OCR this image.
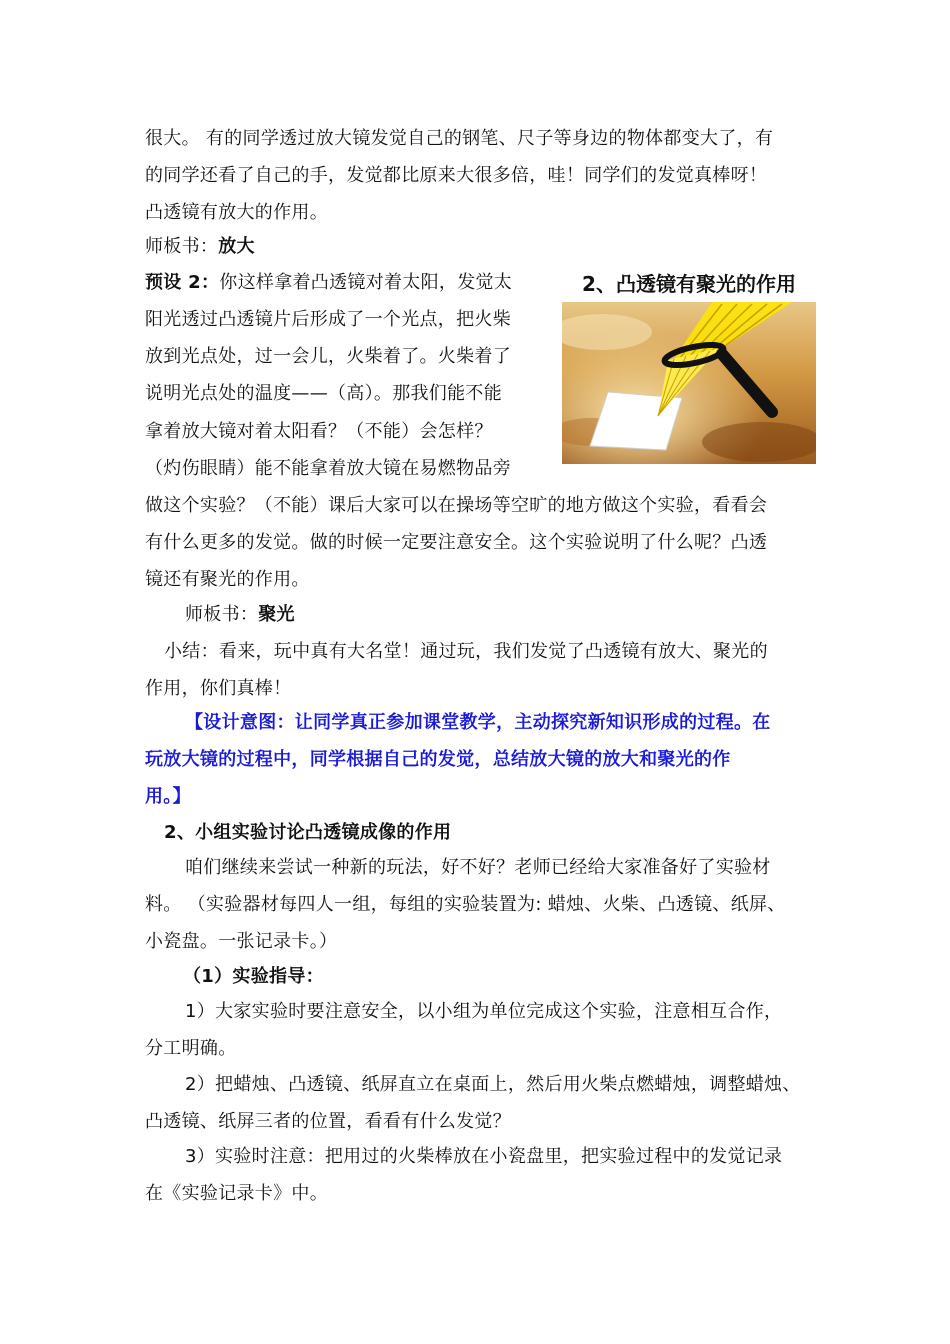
很大。 有的同学透过放大镜发觉自己的钢笔、尺子等身边的物体都变大了，有
的同学还看了自己的手，发觉都比原来大很多倍，哇！同学们的发觉真棒呀！
凸透镜有放大的作用。
师板书：放大
预设 2：你这样拿着凸透镜对着太阳，发觉太
阳光透过凸透镜片后形成了一个光点，把火柴
放到光点处，过一会儿，火柴着了。火柴着了
说明光点处的温度——（高）。那我们能不能
拿着放大镜对着太阳看？（不能）会怎样？
（灼伤眼睛）能不能拿着放大镜在易燃物品旁
做这个实验？（不能）课后大家可以在操场等空旷的地方做这个实验，看看会
有什么更多的发觉。做的时候一定要注意安全。这个实验说明了什么呢？凸透
镜还有聚光的作用。
2、凸透镜有聚光的作用
师板书：聚光
小结：看来，玩中真有大名堂！通过玩，我们发觉了凸透镜有放大、聚光的
作用，你们真棒！
【设计意图：让同学真正参加课堂教学，主动探究新知识形成的过程。在
玩放大镜的过程中，同学根据自己的发觉，总结放大镜的放大和聚光的作
用。】
2、小组实验讨论凸透镜成像的作用
咱们继续来尝试一种新的玩法，好不好？老师已经给大家准备好了实验材
料。 （实验器材每四人一组，每组的实验装置为: 蜡烛、火柴、凸透镜、纸屏、
小瓷盘。一张记录卡。）
（1）实验指导：
1）大家实验时要注意安全，以小组为单位完成这个实验，注意相互合作，
分工明确。
2）把蜡烛、凸透镜、纸屏直立在桌面上，然后用火柴点燃蜡烛，调整蜡烛、
凸透镜、纸屏三者的位置，看看有什么发觉？
3）实验时注意：把用过的火柴棒放在小瓷盘里，把实验过程中的发觉记录
在《实验记录卡》中。
